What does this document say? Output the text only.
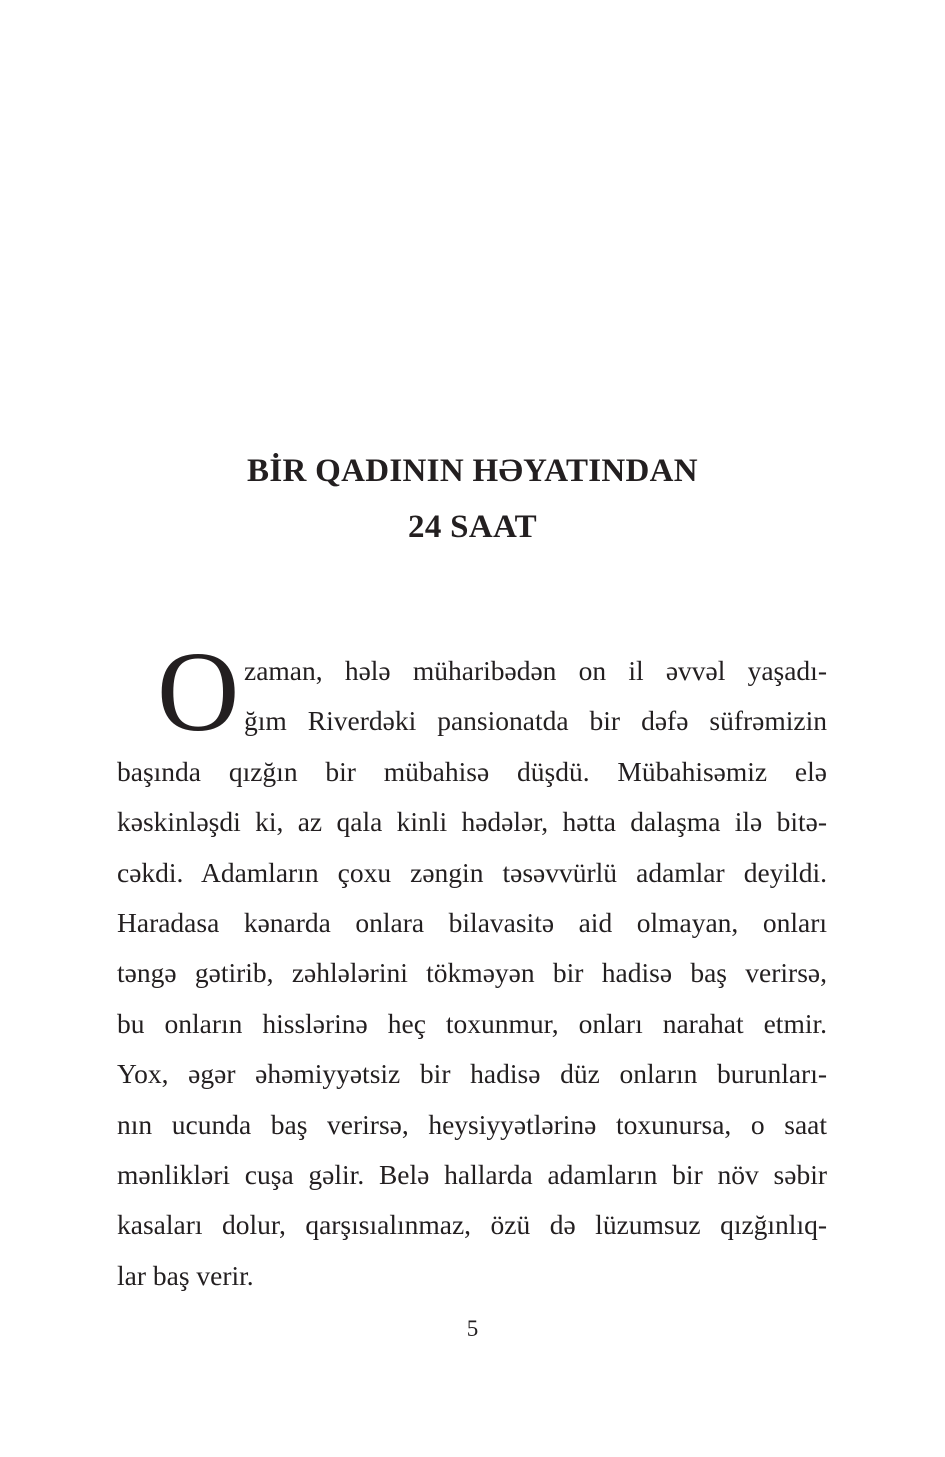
BİR QADININ HƏYATINDAN
24 SAAT
O zaman, hələ müharibədən on il əvvəl yaşadı-
ğım Riverdəki pansionatda bir dəfə süfrəmizin
başında qızğın bir mübahisə düşdü. Mübahisəmiz elə
kəskinləşdi ki, az qala kinli hədələr, hətta dalaşma ilə bitə-
cəkdi. Adamların çoxu zəngin təsəvvürlü adamlar deyildi.
Haradasa kənarda onlara bilavasitə aid olmayan, onları
təngə gətirib, zəhlələrini tökməyən bir hadisə baş verirsə,
bu onların hisslərinə heç toxunmur, onları narahat etmir.
Yox, əgər əhəmiyyətsiz bir hadisə düz onların burunları-
nın ucunda baş verirsə, heysiyyətlərinə toxunursa, o saat
mənlikləri cuşa gəlir. Belə hallarda adamların bir növ səbir
kasaları dolur, qarşısıalınmaz, özü də lüzumsuz qızğınlıq-
lar baş verir.
5
